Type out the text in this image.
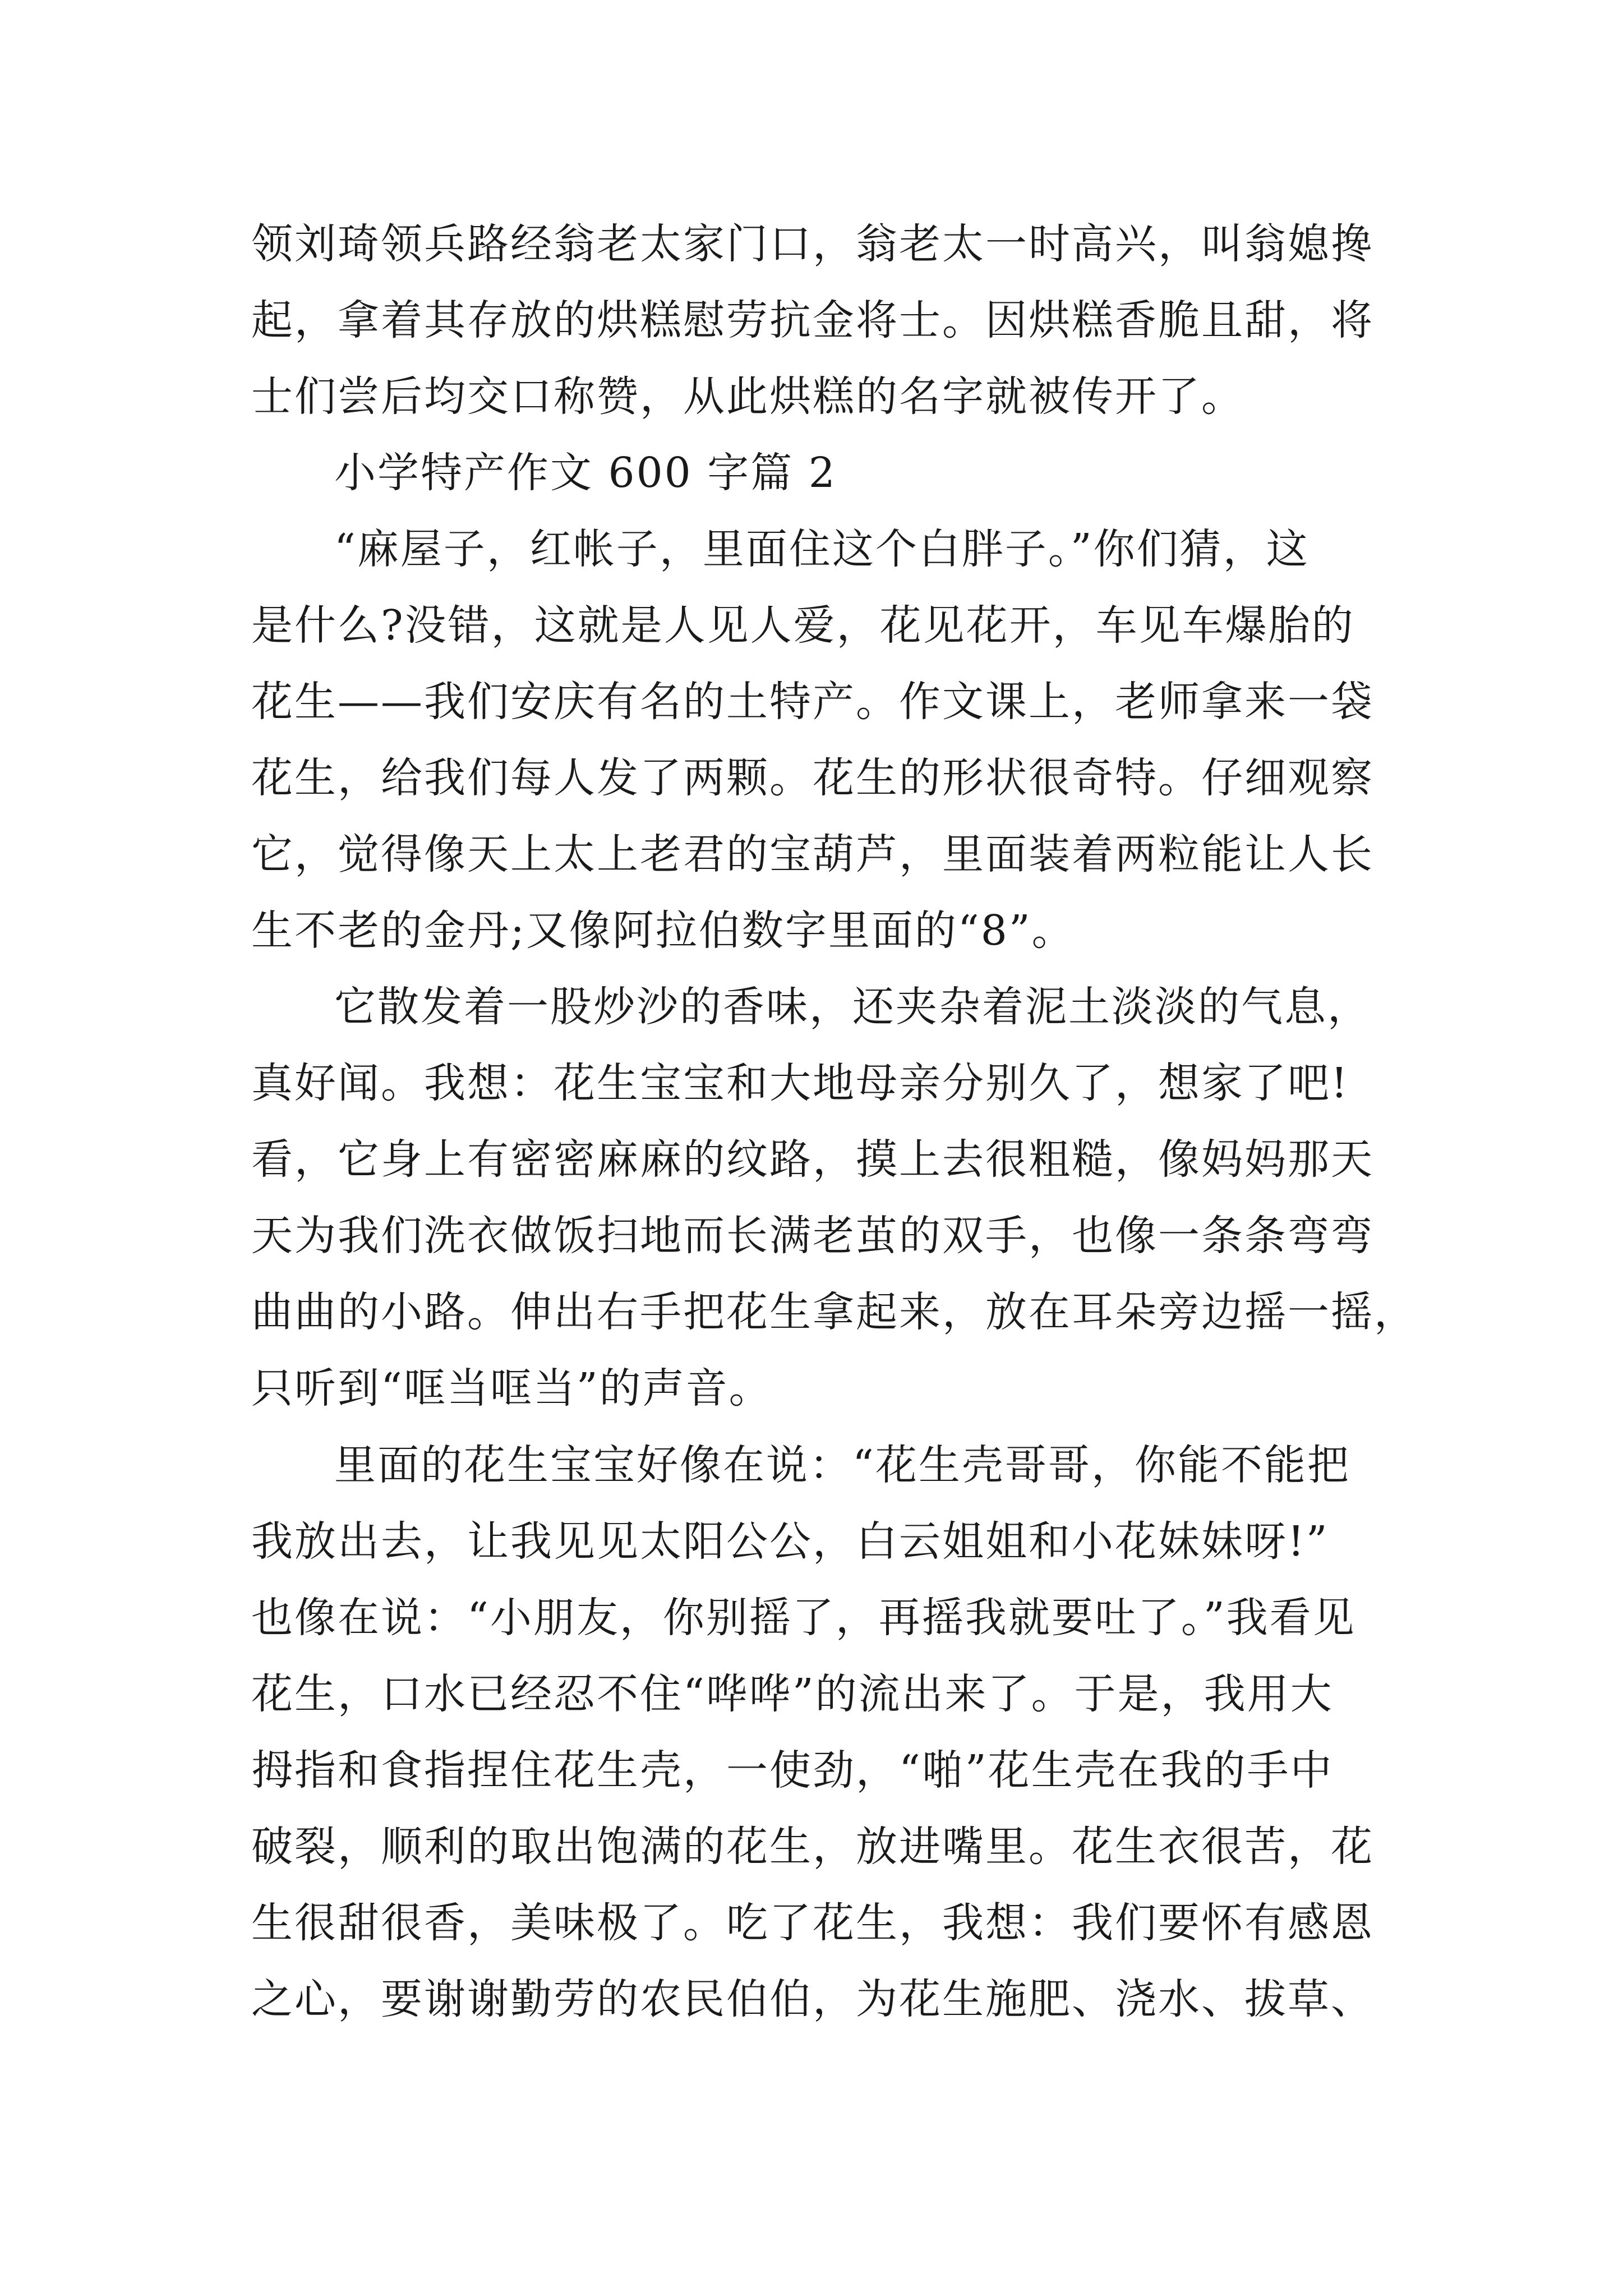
领刘琦领兵路经翁老太家门口，翁老太一时高兴，叫翁媳搀
起，拿着其存放的烘糕慰劳抗金将士。因烘糕香脆且甜，将
士们尝后均交口称赞，从此烘糕的名字就被传开了。
小学特产作文 600 字篇 2
“麻屋子，红帐子，里面住这个白胖子。”你们猜，这
是什么?没错，这就是人见人爱，花见花开，车见车爆胎的
花生——我们安庆有名的土特产。作文课上，老师拿来一袋
花生，给我们每人发了两颗。花生的形状很奇特。仔细观察
它，觉得像天上太上老君的宝葫芦，里面装着两粒能让人长
生不老的金丹;又像阿拉伯数字里面的“8”。
它散发着一股炒沙的香味，还夹杂着泥土淡淡的气息，
真好闻。我想：花生宝宝和大地母亲分别久了，想家了吧!
看，它身上有密密麻麻的纹路，摸上去很粗糙，像妈妈那天
天为我们洗衣做饭扫地而长满老茧的双手，也像一条条弯弯
曲曲的小路。伸出右手把花生拿起来，放在耳朵旁边摇一摇，
只听到“哐当哐当”的声音。
里面的花生宝宝好像在说：“花生壳哥哥，你能不能把
我放出去，让我见见太阳公公，白云姐姐和小花妹妹呀!”
也像在说：“小朋友，你别摇了，再摇我就要吐了。”我看见
花生，口水已经忍不住“哗哗”的流出来了。于是，我用大
拇指和食指捏住花生壳，一使劲，“啪”花生壳在我的手中
破裂，顺利的取出饱满的花生，放进嘴里。花生衣很苦，花
生很甜很香，美味极了。吃了花生，我想：我们要怀有感恩
之心，要谢谢勤劳的农民伯伯，为花生施肥、浇水、拔草、
